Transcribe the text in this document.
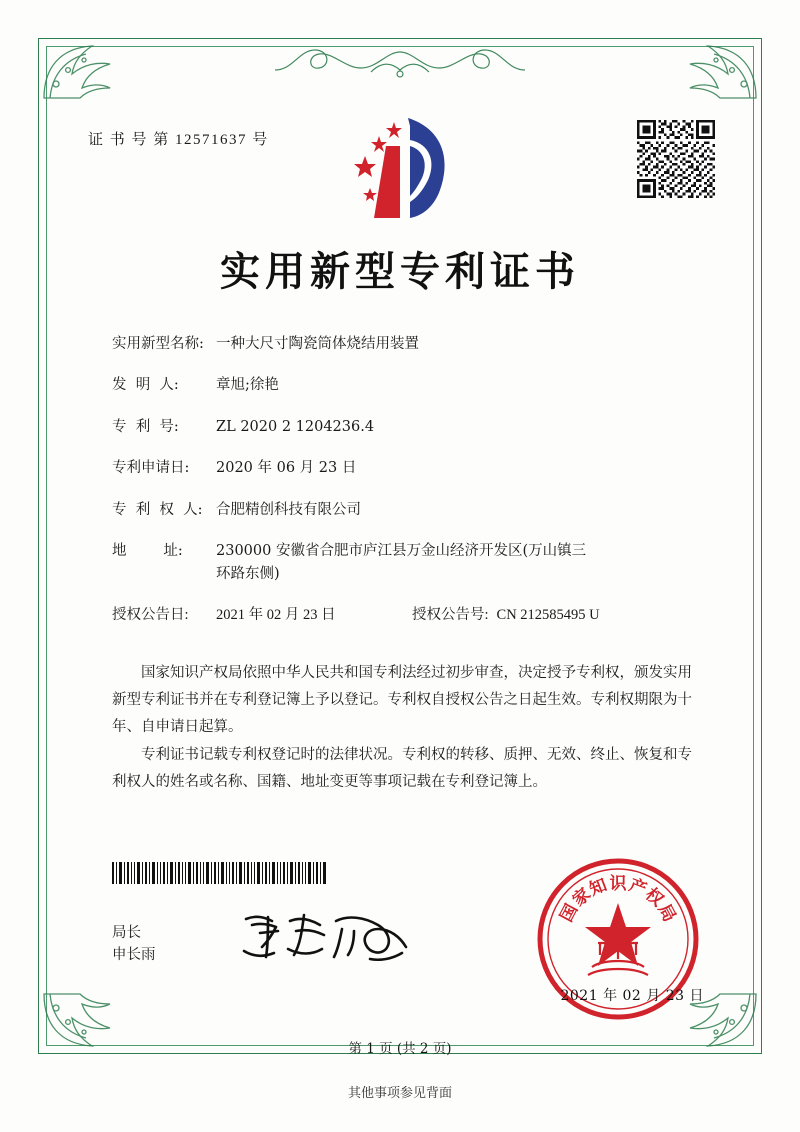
证 书 号 第 12571637 号
实用新型专利证书
实用新型名称: 一种大尺寸陶瓷筒体烧结用装置
发  明  人:	章旭;徐艳
专  利  号:	ZL 2020 2 1204236.4
专利申请日:	2020 年 06 月 23 日
专  利  权  人: 合肥精创科技有限公司
地        址:	230000 安徽省合肥市庐江县万金山经济开发区(万山镇三
环路东侧)
授权公告日:	2021 年 02 月 23 日	授权公告号: CN 212585495 U

国家知识产权局依照中华人民共和国专利法经过初步审查，决定授予专利权，颁发实用新型专利证书并在专利登记簿上予以登记。专利权自授权公告之日起生效。专利权期限为十年、自申请日起算。

专利证书记载专利权登记时的法律状况。专利权的转移、质押、无效、终止、恢复和专利权人的姓名或名称、国籍、地址变更等事项记载在专利登记簿上。

局长
申长雨
国
家
知 识 产
权
局
2021 年 02 月 23 日
第 1 页 (共 2 页)
其他事项参见背面
